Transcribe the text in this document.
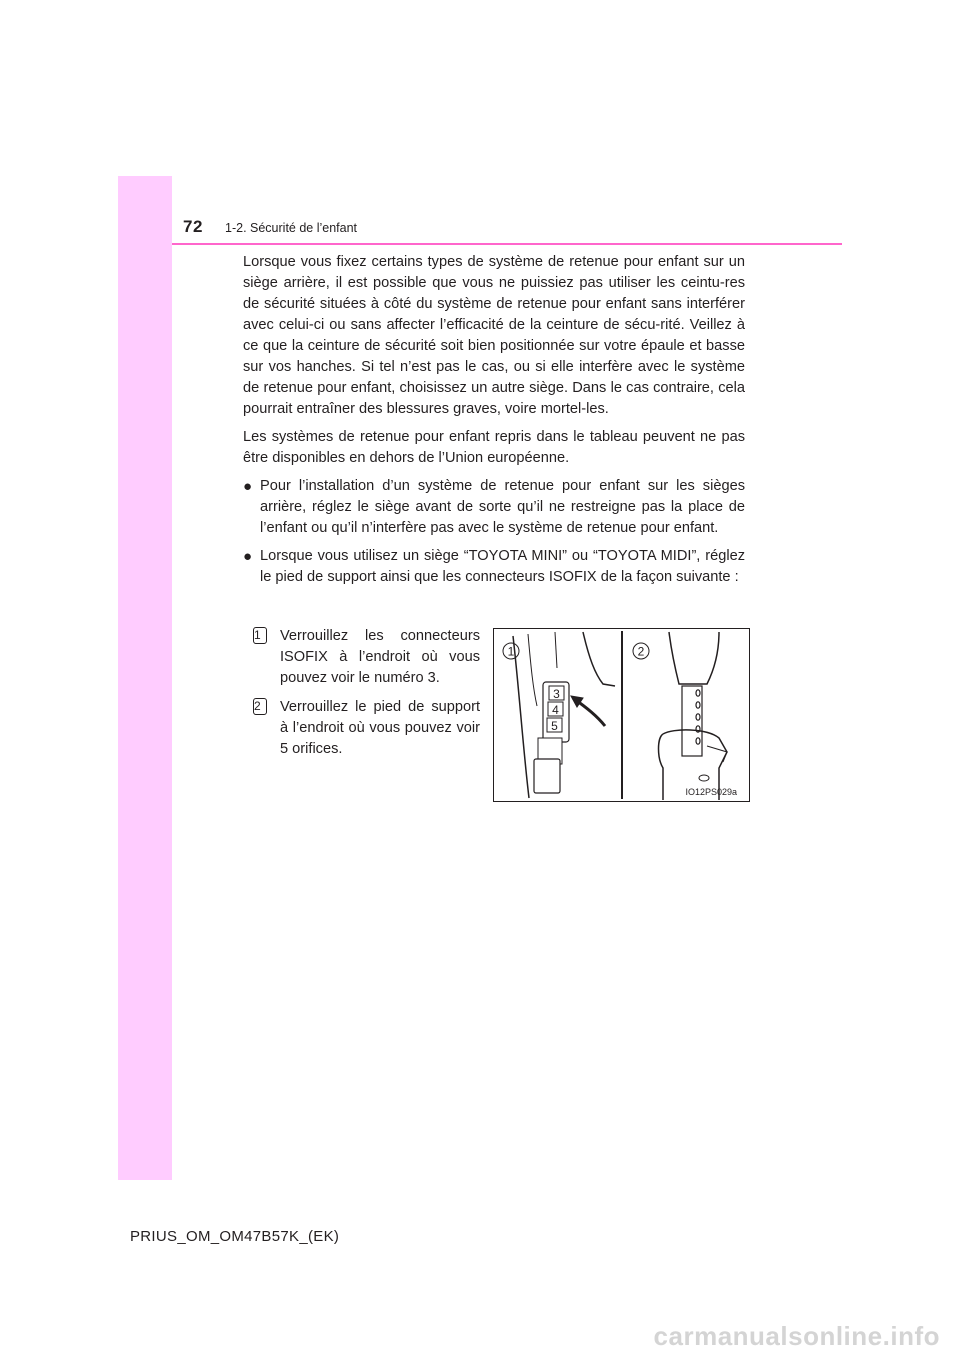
72 1-2. Sécurité de l’enfant

Lorsque vous fixez certains types de système de retenue pour enfant sur un siège arrière, il est possible que vous ne puissiez pas utiliser les ceintu-res de sécurité situées à côté du système de retenue pour enfant sans interférer avec celui-ci ou sans affecter l’efficacité de la ceinture de sécu-rité. Veillez à ce que la ceinture de sécurité soit bien positionnée sur votre épaule et basse sur vos hanches. Si tel n’est pas le cas, ou si elle interfère avec le système de retenue pour enfant, choisissez un autre siège. Dans le cas contraire, cela pourrait entraîner des blessures graves, voire mortel-les.

Les systèmes de retenue pour enfant repris dans le tableau peuvent ne pas être disponibles en dehors de l’Union européenne.

● Pour l’installation d’un système de retenue pour enfant sur les sièges arrière, réglez le siège avant de sorte qu’il ne restreigne pas la place de l’enfant ou qu’il n’interfère pas avec le système de retenue pour enfant.
● Lorsque vous utilisez un siège “TOYOTA MINI” ou “TOYOTA MIDI”, réglez le pied de support ainsi que les connecteurs ISOFIX de la façon suivante :
1	Verrouillez les connecteurs ISOFIX à l’endroit où vous pouvez voir le numéro 3.
2	Verrouillez le pied de support à l’endroit où vous pouvez voir 5 orifices.
1
3
4
5
2
IO12PS029a
PRIUS_OM_OM47B57K_(EK)
carmanualsonline.info
